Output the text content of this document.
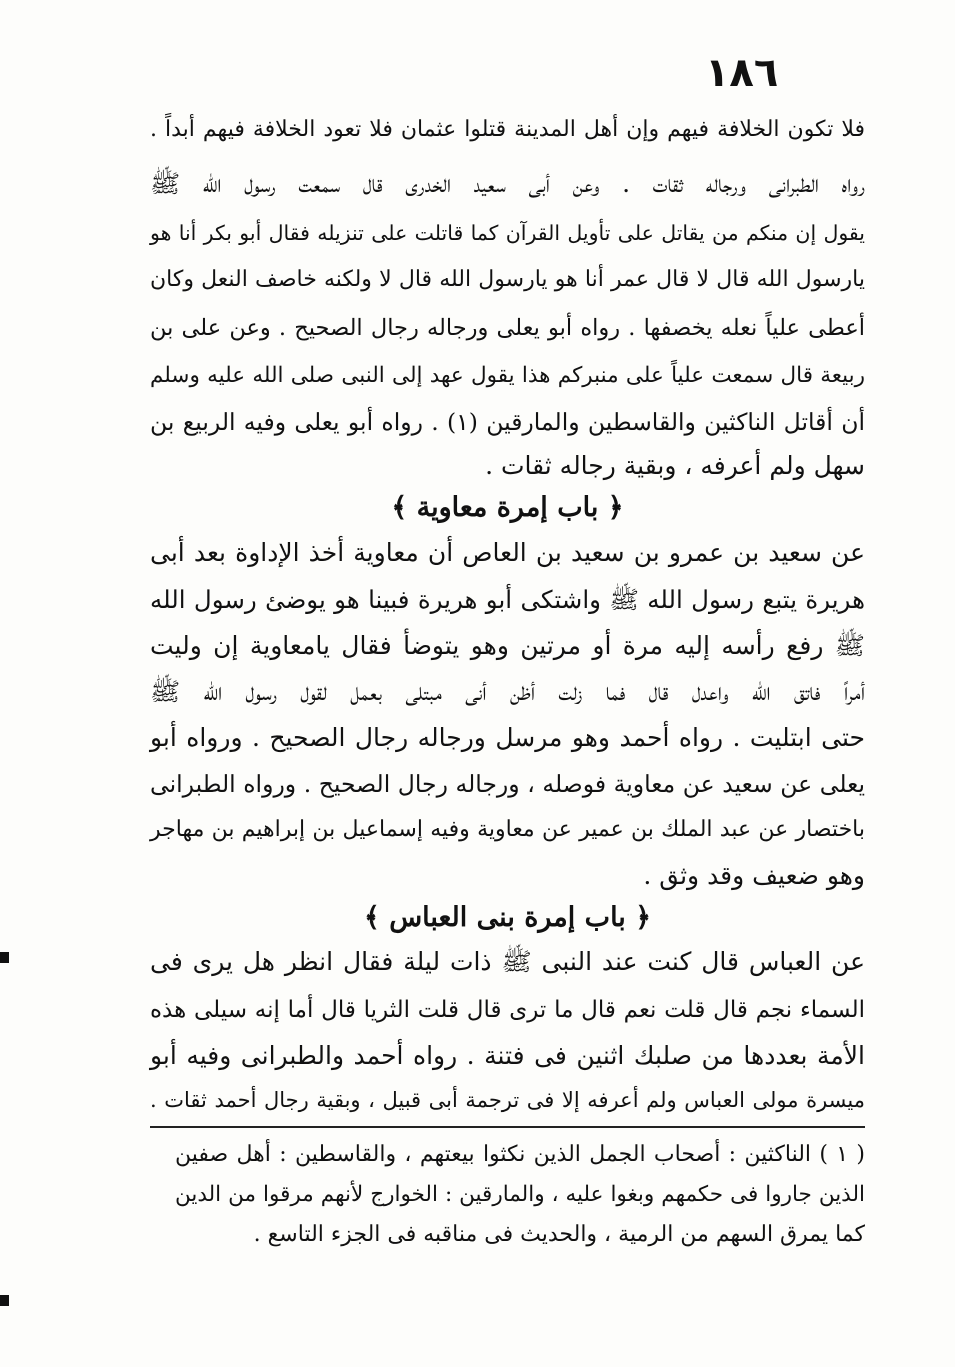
١٨٦
فلا تكون الخلافة فيهم وإن أهل المدينة قتلوا عثمان فلا تعود الخلافة فيهم أبداً .
رواه الطبرانى ورجاله ثقات . وعن أبى سعيد الخدرى قال سمعت رسول الله ﷺ
يقول إن منكم من يقاتل على تأويل القرآن كما قاتلت على تنزيله فقال أبو بكر أنا هو
يارسول الله قال لا قال عمر أنا هو يارسول الله قال لا ولكنه خاصف النعل وكان
أعطى علياً نعله يخصفها . رواه أبو يعلى ورجاله رجال الصحيح . وعن على بن
ربيعة قال سمعت علياً على منبركم هذا يقول عهد إلى النبى صلى الله عليه وسلم
أن أقاتل الناكثين والقاسطين والمارقين (١) . رواه أبو يعلى وفيه الربيع بن
سهل ولم أعرفه ، وبقية رجاله ثقات .
﴿ باب إمرة معاوية ﴾
عن سعيد بن عمرو بن سعيد بن العاص أن معاوية أخذ الإداوة بعد أبى
هريرة يتبع رسول الله ﷺ واشتكى أبو هريرة فبينا هو يوضئ رسول الله
ﷺ رفع رأسه إليه مرة أو مرتين وهو يتوضأ فقال يامعاوية إن وليت
أمراً فاتق الله واعدل قال فما زلت أظن أنى مبتلى بعمل لقول رسول الله ﷺ
حتى ابتليت . رواه أحمد وهو مرسل ورجاله رجال الصحيح . ورواه أبو
يعلى عن سعيد عن معاوية فوصله ، ورجاله رجال الصحيح . ورواه الطبرانى
باختصار عن عبد الملك بن عمير عن معاوية وفيه إسماعيل بن إبراهيم بن مهاجر
وهو ضعيف وقد وثق .
﴿ باب إمرة بنى العباس ﴾
عن العباس قال كنت عند النبى ﷺ ذات ليلة فقال انظر هل يرى فى
السماء نجم قال قلت نعم قال ما ترى قال قلت الثريا قال أما إنه سيلى هذه
الأمة بعددها من صلبك اثنين فى فتنة . رواه أحمد والطبرانى وفيه أبو
ميسرة مولى العباس ولم أعرفه إلا فى ترجمة أبى قبيل ، وبقية رجال أحمد ثقات .
( ١ ) الناكثين : أصحاب الجمل الذين نكثوا بيعتهم ، والقاسطين : أهل صفين
الذين جاروا فى حكمهم وبغوا عليه ، والمارقين : الخوارج لأنهم مرقوا من الدين
كما يمرق السهم من الرمية ، والحديث فى مناقبه فى الجزء التاسع .
